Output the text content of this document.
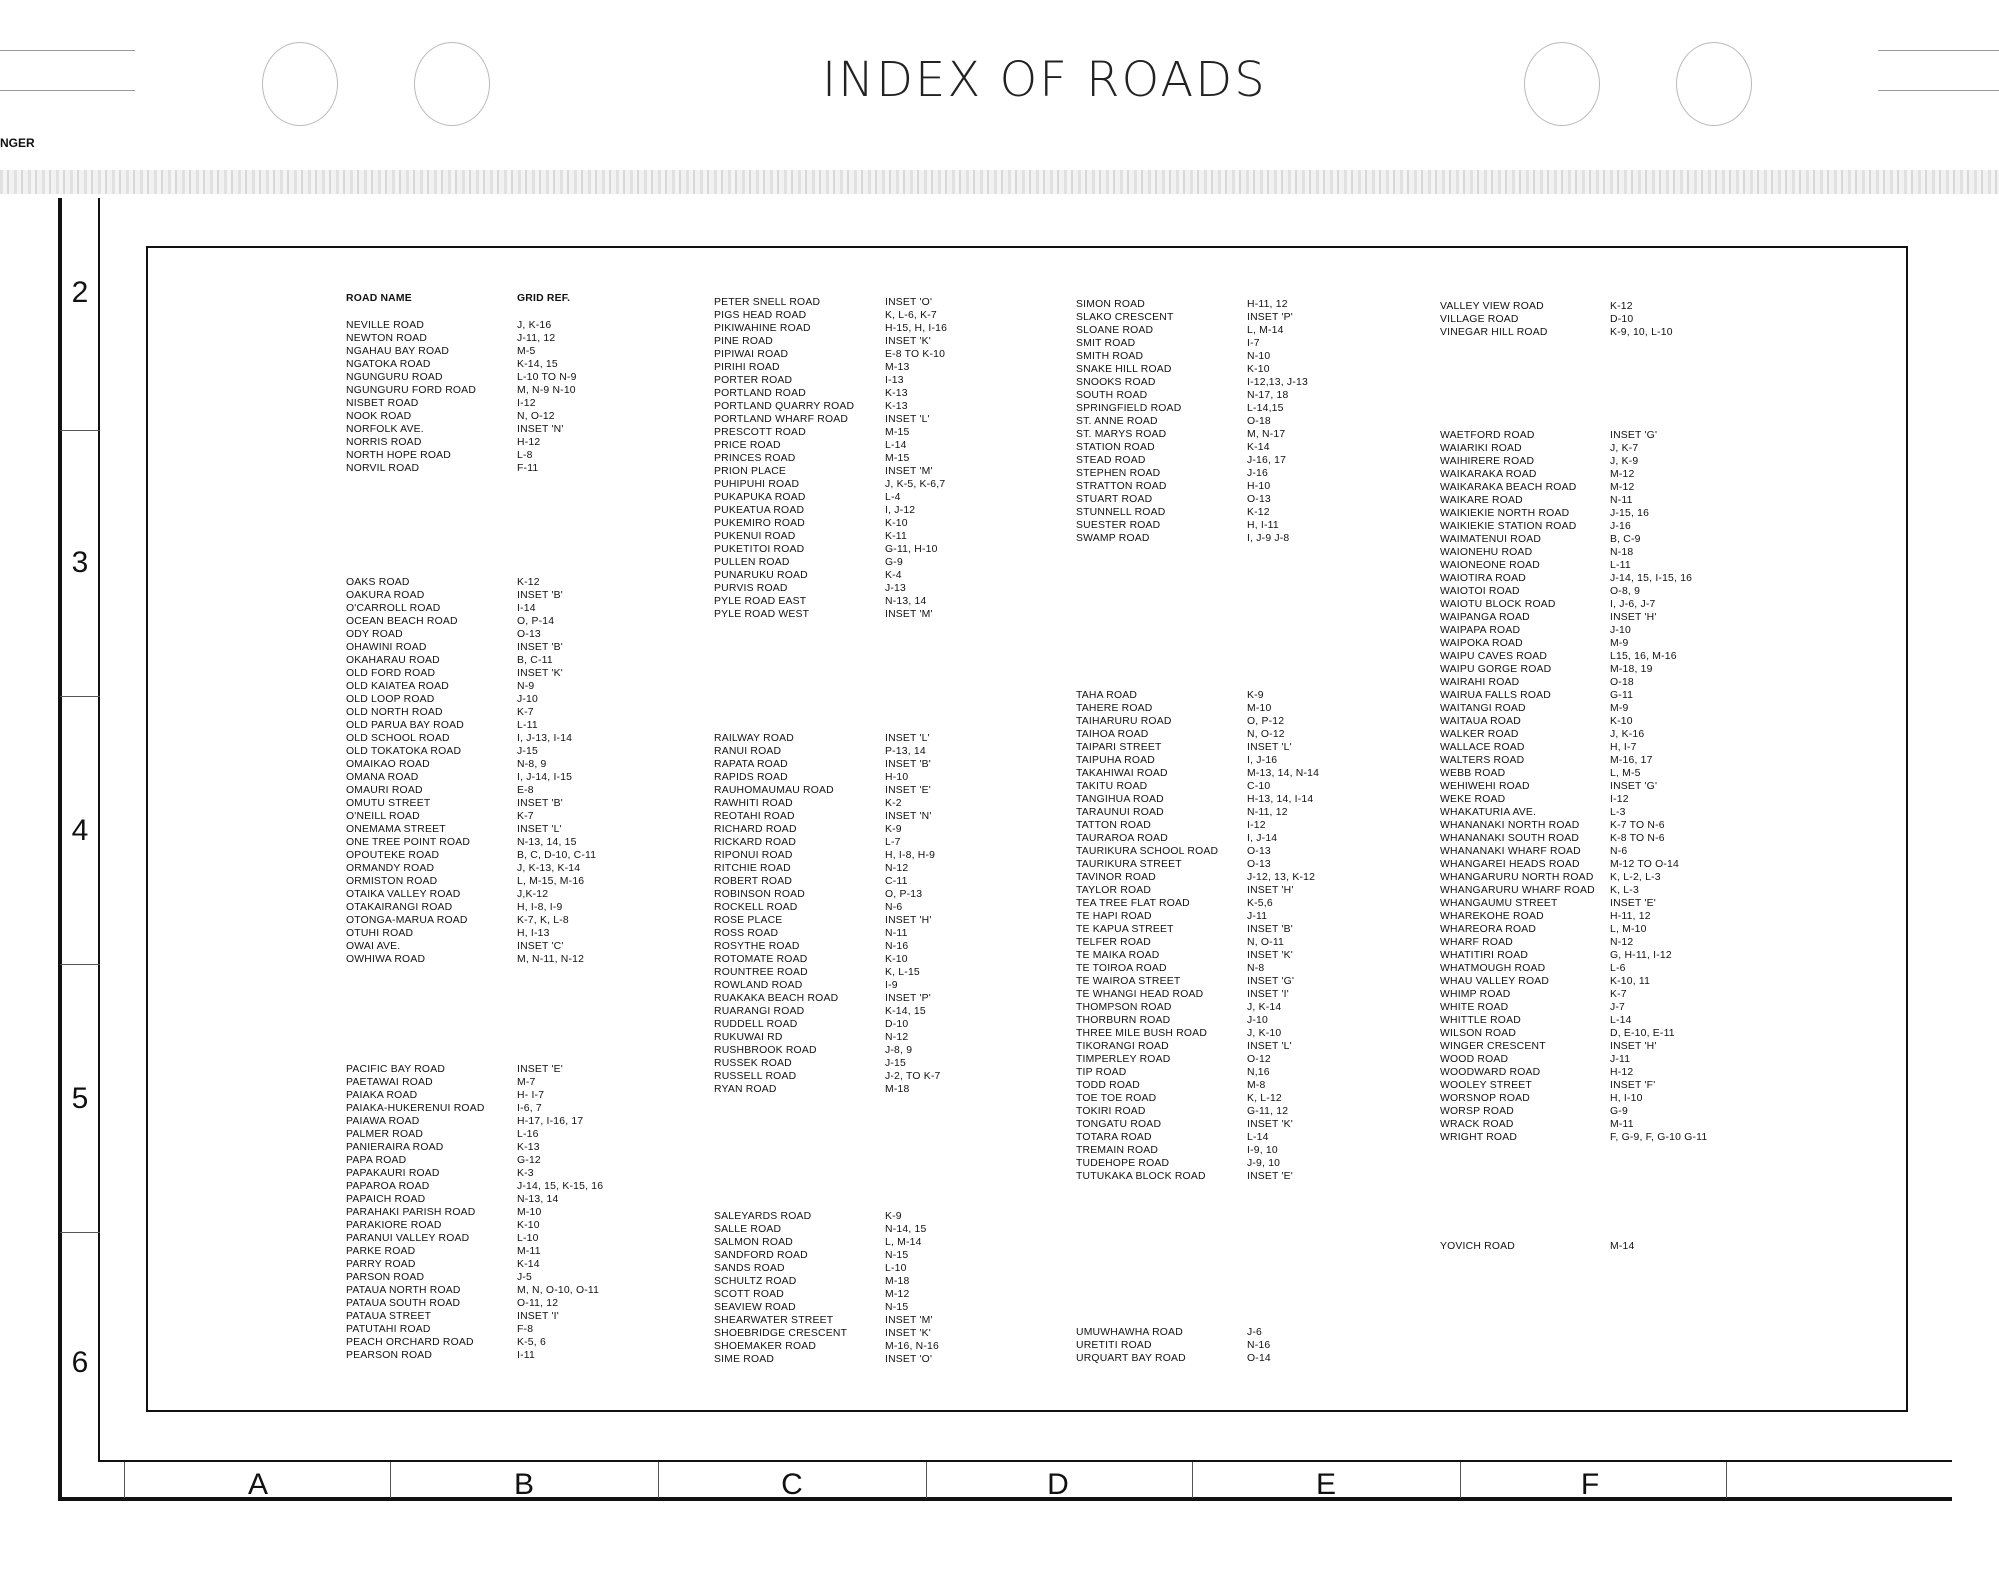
INDEX OF ROADS
NGER
2
3
4
5
6
A	B	C	D	E	F
ROAD NAME	GRID REF.
NEVILLE ROAD	J, K-16
NEWTON ROAD	J-11, 12
NGAHAU BAY ROAD	M-5
NGATOKA ROAD	K-14, 15
NGUNGURU ROAD	L-10 TO N-9
NGUNGURU FORD ROAD	M, N-9 N-10
NISBET ROAD	I-12
NOOK ROAD	N, O-12
NORFOLK AVE.	INSET 'N'
NORRIS ROAD	H-12
NORTH HOPE ROAD	L-8
NORVIL ROAD	F-11
OAKS ROAD	K-12
OAKURA ROAD	INSET 'B'
O'CARROLL ROAD	I-14
OCEAN BEACH ROAD	O, P-14
ODY ROAD	O-13
OHAWINI ROAD	INSET 'B'
OKAHARAU ROAD	B, C-11
OLD FORD ROAD	INSET 'K'
OLD KAIATEA ROAD	N-9
OLD LOOP ROAD	J-10
OLD NORTH ROAD	K-7
OLD PARUA BAY ROAD	L-11
OLD SCHOOL ROAD	I, J-13, I-14
OLD TOKATOKA ROAD	J-15
OMAIKAO ROAD	N-8, 9
OMANA ROAD	I, J-14, I-15
OMAURI ROAD	E-8
OMUTU STREET	INSET 'B'
O'NEILL ROAD	K-7
ONEMAMA STREET	INSET 'L'
ONE TREE POINT ROAD	N-13, 14, 15
OPOUTEKE ROAD	B, C, D-10, C-11
ORMANDY ROAD	J, K-13, K-14
ORMISTON ROAD	L, M-15, M-16
OTAIKA VALLEY ROAD	J,K-12
OTAKAIRANGI ROAD	H, I-8, I-9
OTONGA-MARUA ROAD	K-7, K, L-8
OTUHI ROAD	H, I-13
OWAI AVE.	INSET 'C'
OWHIWA ROAD	M, N-11, N-12
PACIFIC BAY ROAD	INSET 'E'
PAETAWAI ROAD	M-7
PAIAKA ROAD	H- I-7
PAIAKA-HUKERENUI ROAD	I-6, 7
PAIAWA ROAD	H-17, I-16, 17
PALMER ROAD	L-16
PANIERAIRA ROAD	K-13
PAPA ROAD	G-12
PAPAKAURI ROAD	K-3
PAPAROA ROAD	J-14, 15, K-15, 16
PAPAICH ROAD	N-13, 14
PARAHAKI PARISH ROAD	M-10
PARAKIORE ROAD	K-10
PARANUI VALLEY ROAD	L-10
PARKE ROAD	M-11
PARRY ROAD	K-14
PARSON ROAD	J-5
PATAUA NORTH ROAD	M, N, O-10, O-11
PATAUA SOUTH ROAD	O-11, 12
PATAUA STREET	INSET 'I'
PATUTAHI ROAD	F-8
PEACH ORCHARD ROAD	K-5, 6
PEARSON ROAD	I-11
PETER SNELL ROAD	INSET 'O'
PIGS HEAD ROAD	K, L-6, K-7
PIKIWAHINE ROAD	H-15, H, I-16
PINE ROAD	INSET 'K'
PIPIWAI ROAD	E-8 TO K-10
PIRIHI ROAD	M-13
PORTER ROAD	I-13
PORTLAND ROAD	K-13
PORTLAND QUARRY ROAD	K-13
PORTLAND WHARF ROAD	INSET 'L'
PRESCOTT ROAD	M-15
PRICE ROAD	L-14
PRINCES ROAD	M-15
PRION PLACE	INSET 'M'
PUHIPUHI ROAD	J, K-5, K-6,7
PUKAPUKA ROAD	L-4
PUKEATUA ROAD	I, J-12
PUKEMIRO ROAD	K-10
PUKENUI ROAD	K-11
PUKETITOI ROAD	G-11, H-10
PULLEN ROAD	G-9
PUNARUKU ROAD	K-4
PURVIS ROAD	J-13
PYLE ROAD EAST	N-13, 14
PYLE ROAD WEST	INSET 'M'
RAILWAY ROAD	INSET 'L'
RANUI ROAD	P-13, 14
RAPATA ROAD	INSET 'B'
RAPIDS ROAD	H-10
RAUHOMAUMAU ROAD	INSET 'E'
RAWHITI ROAD	K-2
REOTAHI ROAD	INSET 'N'
RICHARD ROAD	K-9
RICKARD ROAD	L-7
RIPONUI ROAD	H, I-8, H-9
RITCHIE ROAD	N-12
ROBERT ROAD	C-11
ROBINSON ROAD	O, P-13
ROCKELL ROAD	N-6
ROSE PLACE	INSET 'H'
ROSS ROAD	N-11
ROSYTHE ROAD	N-16
ROTOMATE ROAD	K-10
ROUNTREE ROAD	K, L-15
ROWLAND ROAD	I-9
RUAKAKA BEACH ROAD	INSET 'P'
RUARANGI ROAD	K-14, 15
RUDDELL ROAD	D-10
RUKUWAI RD	N-12
RUSHBROOK ROAD	J-8, 9
RUSSEK ROAD	J-15
RUSSELL ROAD	J-2, TO K-7
RYAN ROAD	M-18
SALEYARDS ROAD	K-9
SALLE ROAD	N-14, 15
SALMON ROAD	L, M-14
SANDFORD ROAD	N-15
SANDS ROAD	L-10
SCHULTZ ROAD	M-18
SCOTT ROAD	M-12
SEAVIEW ROAD	N-15
SHEARWATER STREET	INSET 'M'
SHOEBRIDGE CRESCENT	INSET 'K'
SHOEMAKER ROAD	M-16, N-16
SIME ROAD	INSET 'O'
SIMON ROAD	H-11, 12
SLAKO CRESCENT	INSET 'P'
SLOANE ROAD	L, M-14
SMIT ROAD	I-7
SMITH ROAD	N-10
SNAKE HILL ROAD	K-10
SNOOKS ROAD	I-12,13, J-13
SOUTH ROAD	N-17, 18
SPRINGFIELD ROAD	L-14,15
ST. ANNE ROAD	O-18
ST. MARYS ROAD	M, N-17
STATION ROAD	K-14
STEAD ROAD	J-16, 17
STEPHEN ROAD	J-16
STRATTON ROAD	H-10
STUART ROAD	O-13
STUNNELL ROAD	K-12
SUESTER ROAD	H, I-11
SWAMP ROAD	I, J-9 J-8
TAHA ROAD	K-9
TAHERE ROAD	M-10
TAIHARURU ROAD	O, P-12
TAIHOA ROAD	N, O-12
TAIPARI STREET	INSET 'L'
TAIPUHA ROAD	I, J-16
TAKAHIWAI ROAD	M-13, 14, N-14
TAKITU ROAD	C-10
TANGIHUA ROAD	H-13, 14, I-14
TARAUNUI ROAD	N-11, 12
TATTON ROAD	I-12
TAURAROA ROAD	I, J-14
TAURIKURA SCHOOL ROAD	O-13
TAURIKURA STREET	O-13
TAVINOR ROAD	J-12, 13, K-12
TAYLOR ROAD	INSET 'H'
TEA TREE FLAT ROAD	K-5,6
TE HAPI ROAD	J-11
TE KAPUA STREET	INSET 'B'
TELFER ROAD	N, O-11
TE MAIKA ROAD	INSET 'K'
TE TOIROA ROAD	N-8
TE WAIROA STREET	INSET 'G'
TE WHANGI HEAD ROAD	INSET 'I'
THOMPSON ROAD	J, K-14
THORBURN ROAD	J-10
THREE MILE BUSH ROAD	J, K-10
TIKORANGI ROAD	INSET 'L'
TIMPERLEY ROAD	O-12
TIP ROAD	N,16
TODD ROAD	M-8
TOE TOE ROAD	K, L-12
TOKIRI ROAD	G-11, 12
TONGATU ROAD	INSET 'K'
TOTARA ROAD	L-14
TREMAIN ROAD	I-9, 10
TUDEHOPE ROAD	J-9, 10
TUTUKAKA BLOCK ROAD	INSET 'E'
UMUWHAWHA ROAD	J-6
URETITI ROAD	N-16
URQUART BAY ROAD	O-14
VALLEY VIEW ROAD	K-12
VILLAGE ROAD	D-10
VINEGAR HILL ROAD	K-9, 10, L-10
WAETFORD ROAD	INSET 'G'
WAIARIKI ROAD	J, K-7
WAIHIRERE ROAD	J, K-9
WAIKARAKA ROAD	M-12
WAIKARAKA BEACH ROAD	M-12
WAIKARE ROAD	N-11
WAIKIEKIE NORTH ROAD	J-15, 16
WAIKIEKIE STATION ROAD	J-16
WAIMATENUI ROAD	B, C-9
WAIONEHU ROAD	N-18
WAIONEONE ROAD	L-11
WAIOTIRA ROAD	J-14, 15, I-15, 16
WAIOTOI ROAD	O-8, 9
WAIOTU BLOCK ROAD	I, J-6, J-7
WAIPANGA ROAD	INSET 'H'
WAIPAPA ROAD	J-10
WAIPOKA ROAD	M-9
WAIPU CAVES ROAD	L15, 16, M-16
WAIPU GORGE ROAD	M-18, 19
WAIRAHI ROAD	O-18
WAIRUA FALLS ROAD	G-11
WAITANGI ROAD	M-9
WAITAUA ROAD	K-10
WALKER ROAD	J, K-16
WALLACE ROAD	H, I-7
WALTERS ROAD	M-16, 17
WEBB ROAD	L, M-5
WEHIWEHI ROAD	INSET 'G'
WEKE ROAD	I-12
WHAKATURIA AVE.	L-3
WHANANAKI NORTH ROAD	K-7 TO N-6
WHANANAKI SOUTH ROAD	K-8 TO N-6
WHANANAKI WHARF ROAD	N-6
WHANGAREI HEADS ROAD	M-12 TO O-14
WHANGARURU NORTH ROAD K, L-2, L-3
WHANGARURU WHARF ROAD K, L-3
WHANGAUMU STREET	INSET 'E'
WHAREKOHE ROAD	H-11, 12
WHAREORA ROAD	L, M-10
WHARF ROAD	N-12
WHATITIRI ROAD	G, H-11, I-12
WHATMOUGH ROAD	L-6
WHAU VALLEY ROAD	K-10, 11
WHIMP ROAD	K-7
WHITE ROAD	J-7
WHITTLE ROAD	L-14
WILSON ROAD	D, E-10, E-11
WINGER CRESCENT	INSET 'H'
WOOD ROAD	J-11
WOODWARD ROAD	H-12
WOOLEY STREET	INSET 'F'
WORSNOP ROAD	H, I-10
WORSP ROAD	G-9
WRACK ROAD	M-11
WRIGHT ROAD	F, G-9, F, G-10 G-11
YOVICH ROAD	M-14
